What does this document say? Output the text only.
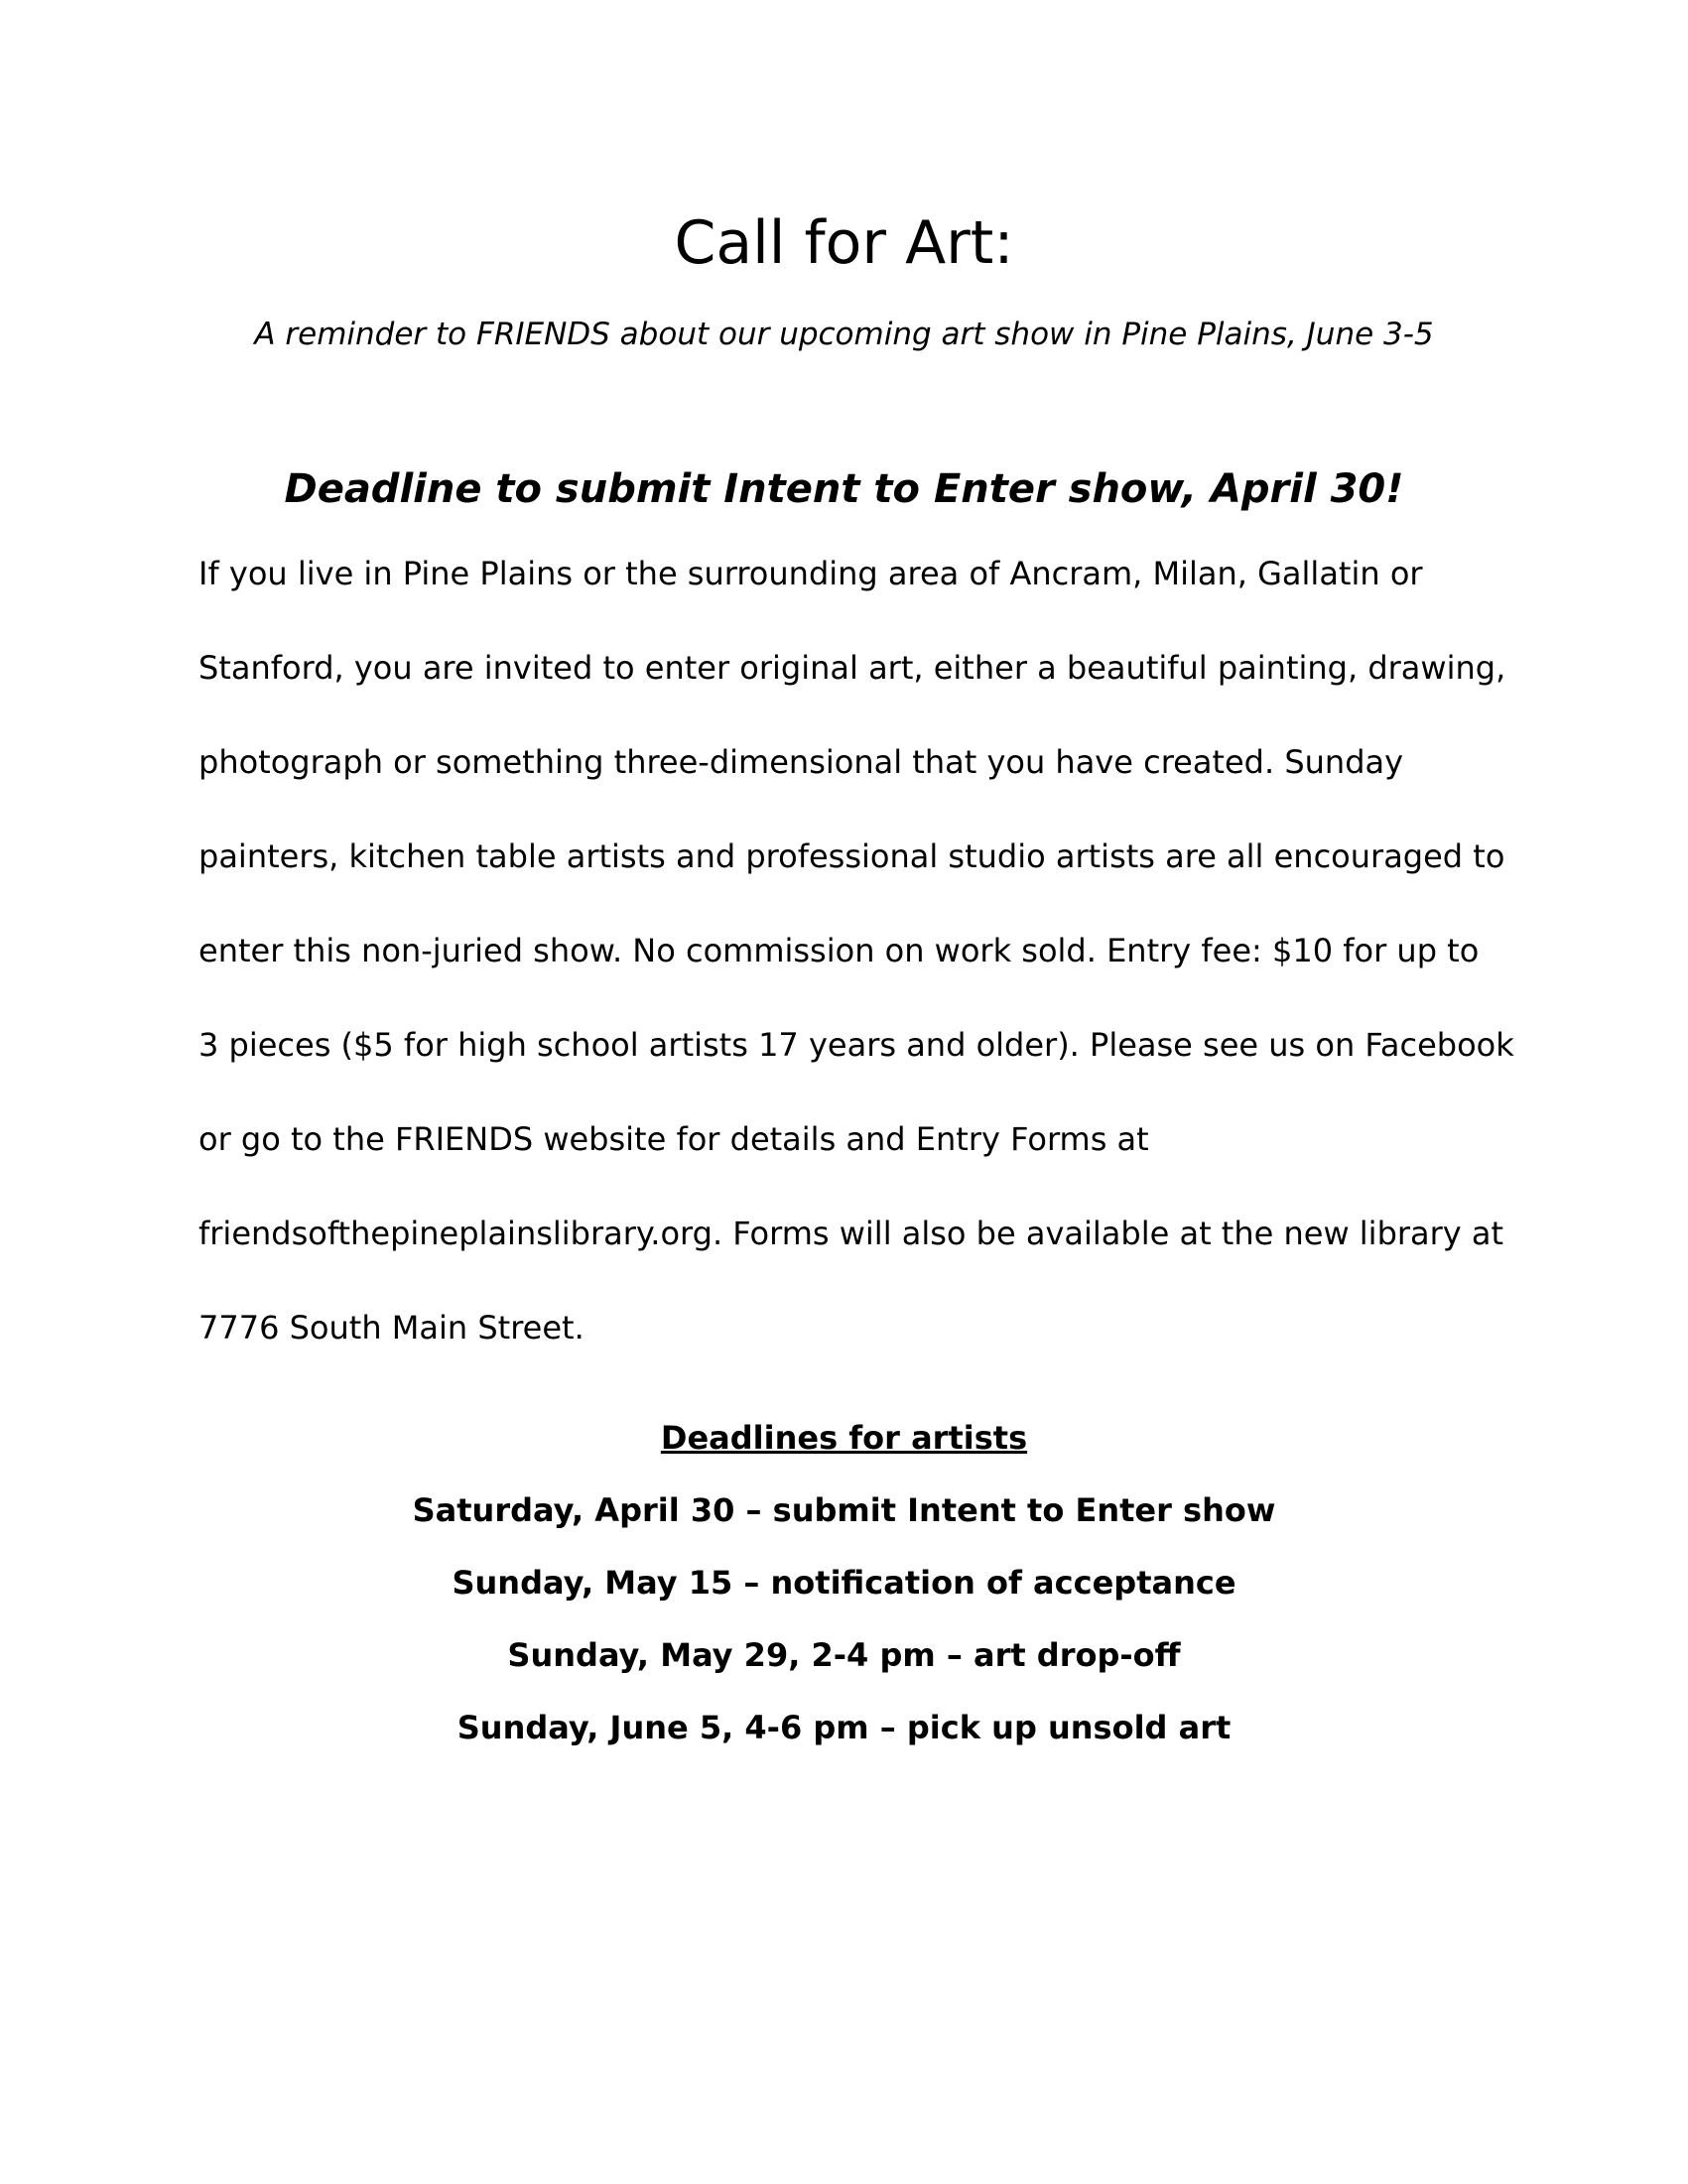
Call for Art:

A reminder to FRIENDS about our upcoming art show in Pine Plains, June 3-5

Deadline to submit Intent to Enter show, April 30!
If you live in Pine Plains or the surrounding area of Ancram, Milan, Gallatin or
Stanford, you are invited to enter original art, either a beautiful painting, drawing,
photograph or something three-dimensional that you have created. Sunday
painters, kitchen table artists and professional studio artists are all encouraged to
enter this non-juried show. No commission on work sold. Entry fee: $10 for up to
3 pieces ($5 for high school artists 17 years and older). Please see us on Facebook
or go to the FRIENDS website for details and Entry Forms at
friendsofthepineplainslibrary.org. Forms will also be available at the new library at
7776 South Main Street.
Deadlines for artists
Saturday, April 30 – submit Intent to Enter show
Sunday, May 15 – notification of acceptance
Sunday, May 29, 2-4 pm – art drop-off
Sunday, June 5, 4-6 pm – pick up unsold art
